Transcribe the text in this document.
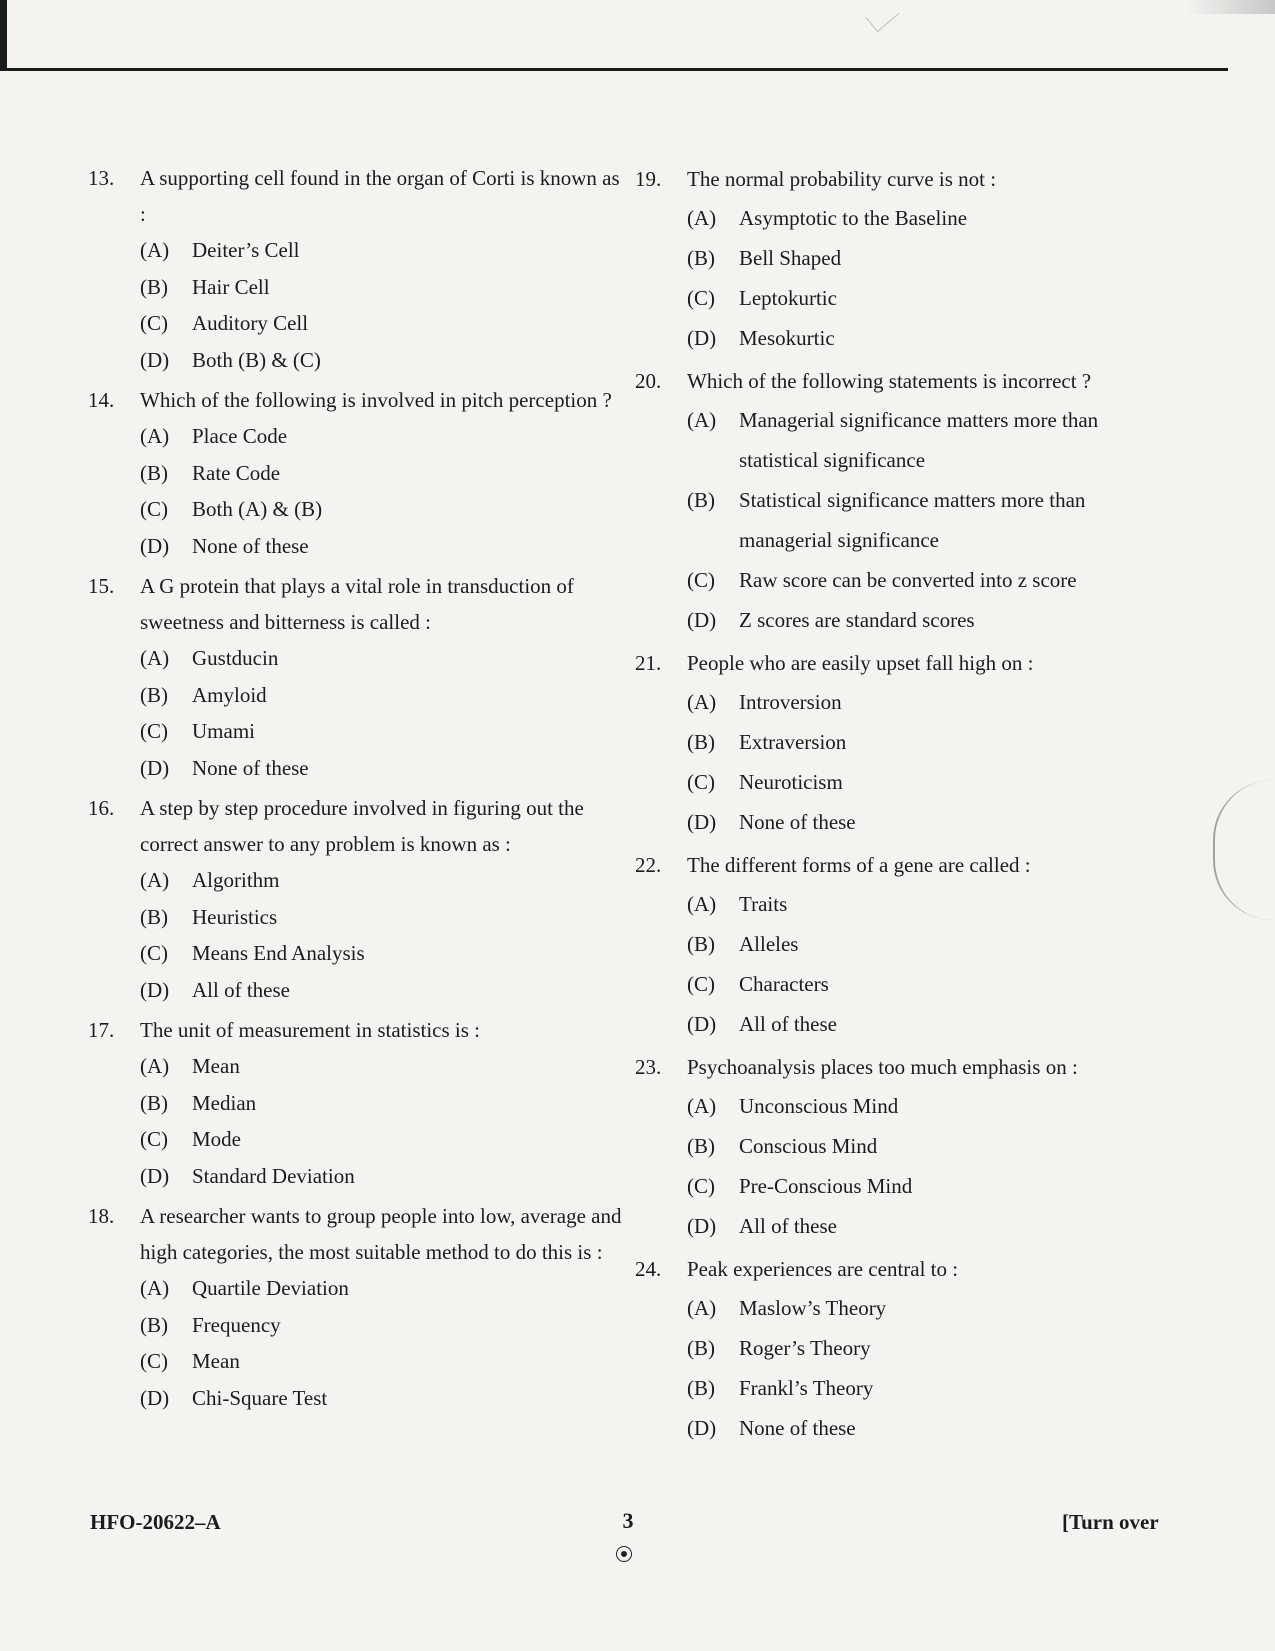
13.	A supporting cell found in the organ of Corti is known as :
(A) Deiter’s Cell
(B) Hair Cell
(C) Auditory Cell
(D) Both (B) & (C)
14.	Which of the following is involved in pitch perception ?
(A) Place Code
(B) Rate Code
(C) Both (A) & (B)
(D) None of these
15.	A G protein that plays a vital role in transduction of sweetness and bitterness is called :
(A) Gustducin
(B) Amyloid
(C) Umami
(D) None of these
16.	A step by step procedure involved in figuring out the correct answer to any problem is known as :
(A) Algorithm
(B) Heuristics
(C) Means End Analysis
(D) All of these
17.	The unit of measurement in statistics is :
(A) Mean
(B) Median
(C) Mode
(D) Standard Deviation
18.	A researcher wants to group people into low, average and high categories, the most suitable method to do this is :
(A) Quartile Deviation
(B) Frequency
(C) Mean
(D) Chi-Square Test
19.	The normal probability curve is not :
(A) Asymptotic to the Baseline
(B) Bell Shaped
(C) Leptokurtic
(D) Mesokurtic
20.	Which of the following statements is incorrect ?
(A) Managerial significance matters more than statistical significance
(B) Statistical significance matters more than managerial significance
(C) Raw score can be converted into z score
(D) Z scores are standard scores
21.	People who are easily upset fall high on :
(A) Introversion
(B) Extraversion
(C) Neuroticism
(D) None of these
22.	The different forms of a gene are called :
(A) Traits
(B) Alleles
(C) Characters
(D) All of these
23.	Psychoanalysis places too much emphasis on :
(A) Unconscious Mind
(B) Conscious Mind
(C) Pre-Conscious Mind
(D) All of these
24.	Peak experiences are central to :
(A) Maslow’s Theory
(B) Roger’s Theory
(B) Frankl’s Theory
(D) None of these
HFO-20622–A	3	[Turn over
